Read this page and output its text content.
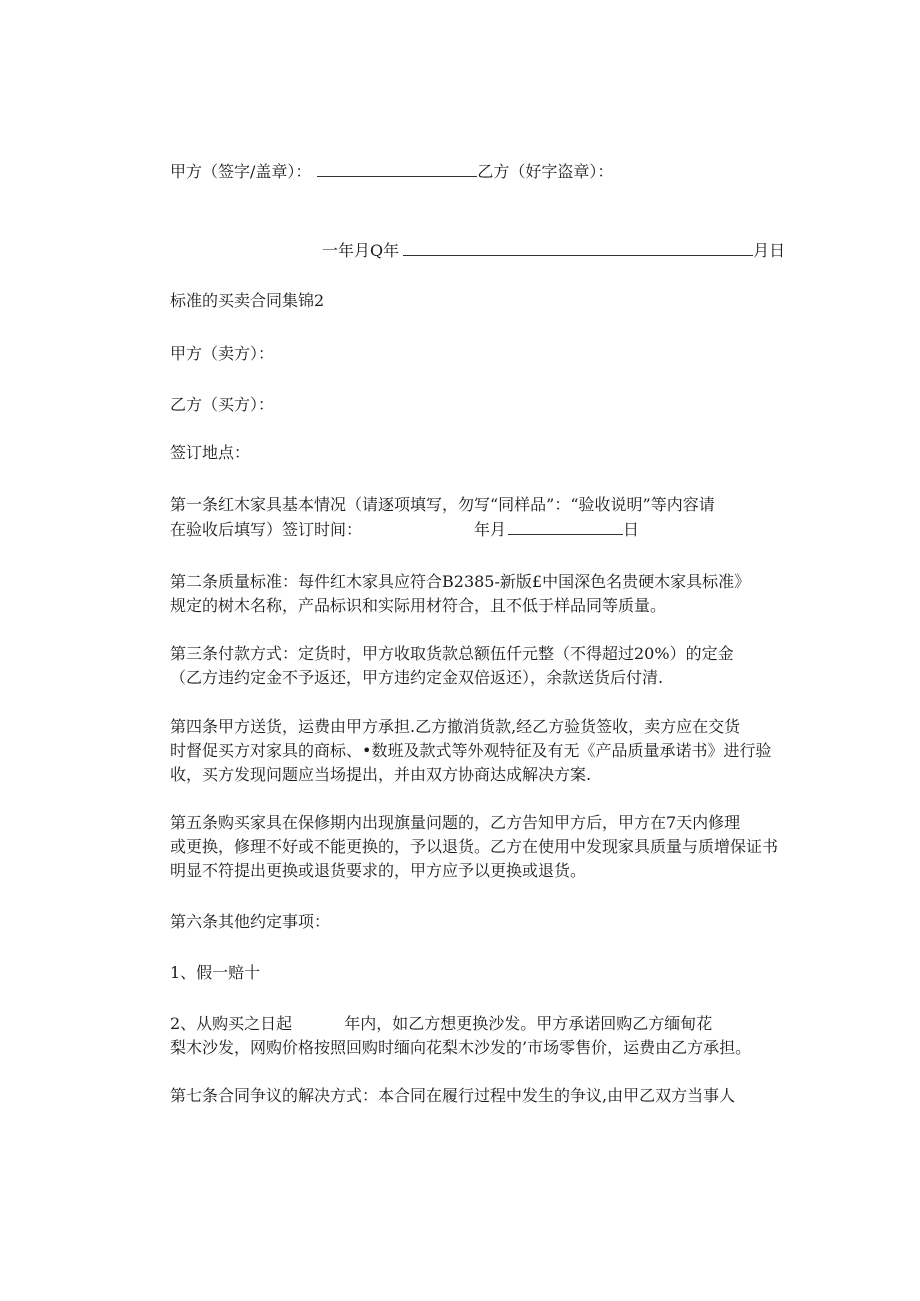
甲方（签字/盖章）：	乙方（好字盗章）：
一年月Q年	月日
标准的买卖合同集锦2
甲方（卖方）：
乙方（买方）：
签订地点：
第一条红木家具基本情况（请逐项填写，勿写“同样品”：“验收说明”等内容请
在验收后填写）签订时间：	年月	日
第二条质量标准：每件红木家具应符合B2385-新版£中国深色名贵硬木家具标准》
规定的树木名称，产品标识和实际用材符合，且不低于样品同等质量。
第三条付款方式：定货时，甲方收取货款总额伍仟元整（不得超过20%）的定金
（乙方违约定金不予返还，甲方违约定金双倍返还），余款送货后付清.
第四条甲方送货，运费由甲方承担.乙方撤消货款,经乙方验货签收，卖方应在交货
时督促买方对家具的商标、•数班及款式等外观特征及有无《产品质量承诺书》进行验
收，买方发现问题应当场提出，并由双方协商达成解决方案.
第五条购买家具在保修期内出现旗量问题的，乙方告知甲方后，甲方在7天内修理
或更换，修理不好或不能更换的，予以退货。乙方在使用中发现家具质量与质增保证书
明显不符提出更换或退货要求的，甲方应予以更换或退货。
第六条其他约定事项：
1、假一赔十
2、从购买之日起	年内，如乙方想更换沙发。甲方承诺回购乙方缅甸花
梨木沙发，网购价格按照回购时缅向花梨木沙发的’市场零售价，运费由乙方承担。
第七条合同争议的解决方式：本合同在履行过程中发生的争议,由甲乙双方当事人
